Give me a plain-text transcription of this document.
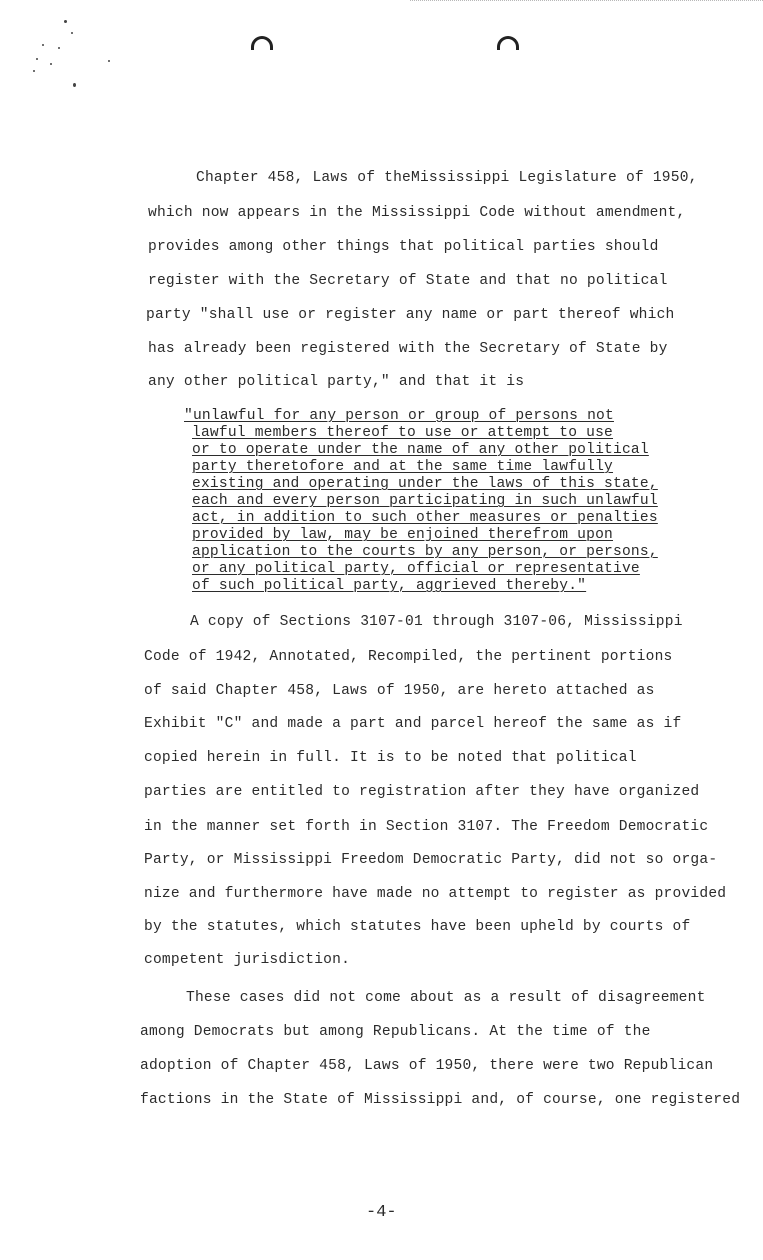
Chapter 458, Laws of theMississippi Legislature of 1950,
which now appears in the Mississippi Code without amendment,
provides among other things that political parties should
register with the Secretary of State and that no political
party "shall use or register any name or part thereof which
has already been registered with the Secretary of State by
any other political party," and that it is
"unlawful for any person or group of persons not
lawful members thereof to use or attempt to use
or to operate under the name of any other political
party theretofore and at the same time lawfully
existing and operating under the laws of this state,
each and every person participating in such unlawful
act, in addition to such other measures or penalties
provided by law, may be enjoined therefrom upon
application to the courts by any person, or persons,
or any political party, official or representative
of such political party, aggrieved thereby."
A copy of Sections 3107-01 through 3107-06, Mississippi
Code of 1942, Annotated, Recompiled, the pertinent portions
of said Chapter 458, Laws of 1950, are hereto attached as
Exhibit "C" and made a part and parcel hereof the same as if
copied herein in full. It is to be noted that political
parties are entitled to registration after they have organized
in the manner set forth in Section 3107. The Freedom Democratic
Party, or Mississippi Freedom Democratic Party, did not so orga-
nize and furthermore have made no attempt to register as provided
by the statutes, which statutes have been upheld by courts of
competent jurisdiction.
These cases did not come about as a result of disagreement
among Democrats but among Republicans. At the time of the
adoption of Chapter 458, Laws of 1950, there were two Republican
factions in the State of Mississippi and, of course, one registered
-4-
